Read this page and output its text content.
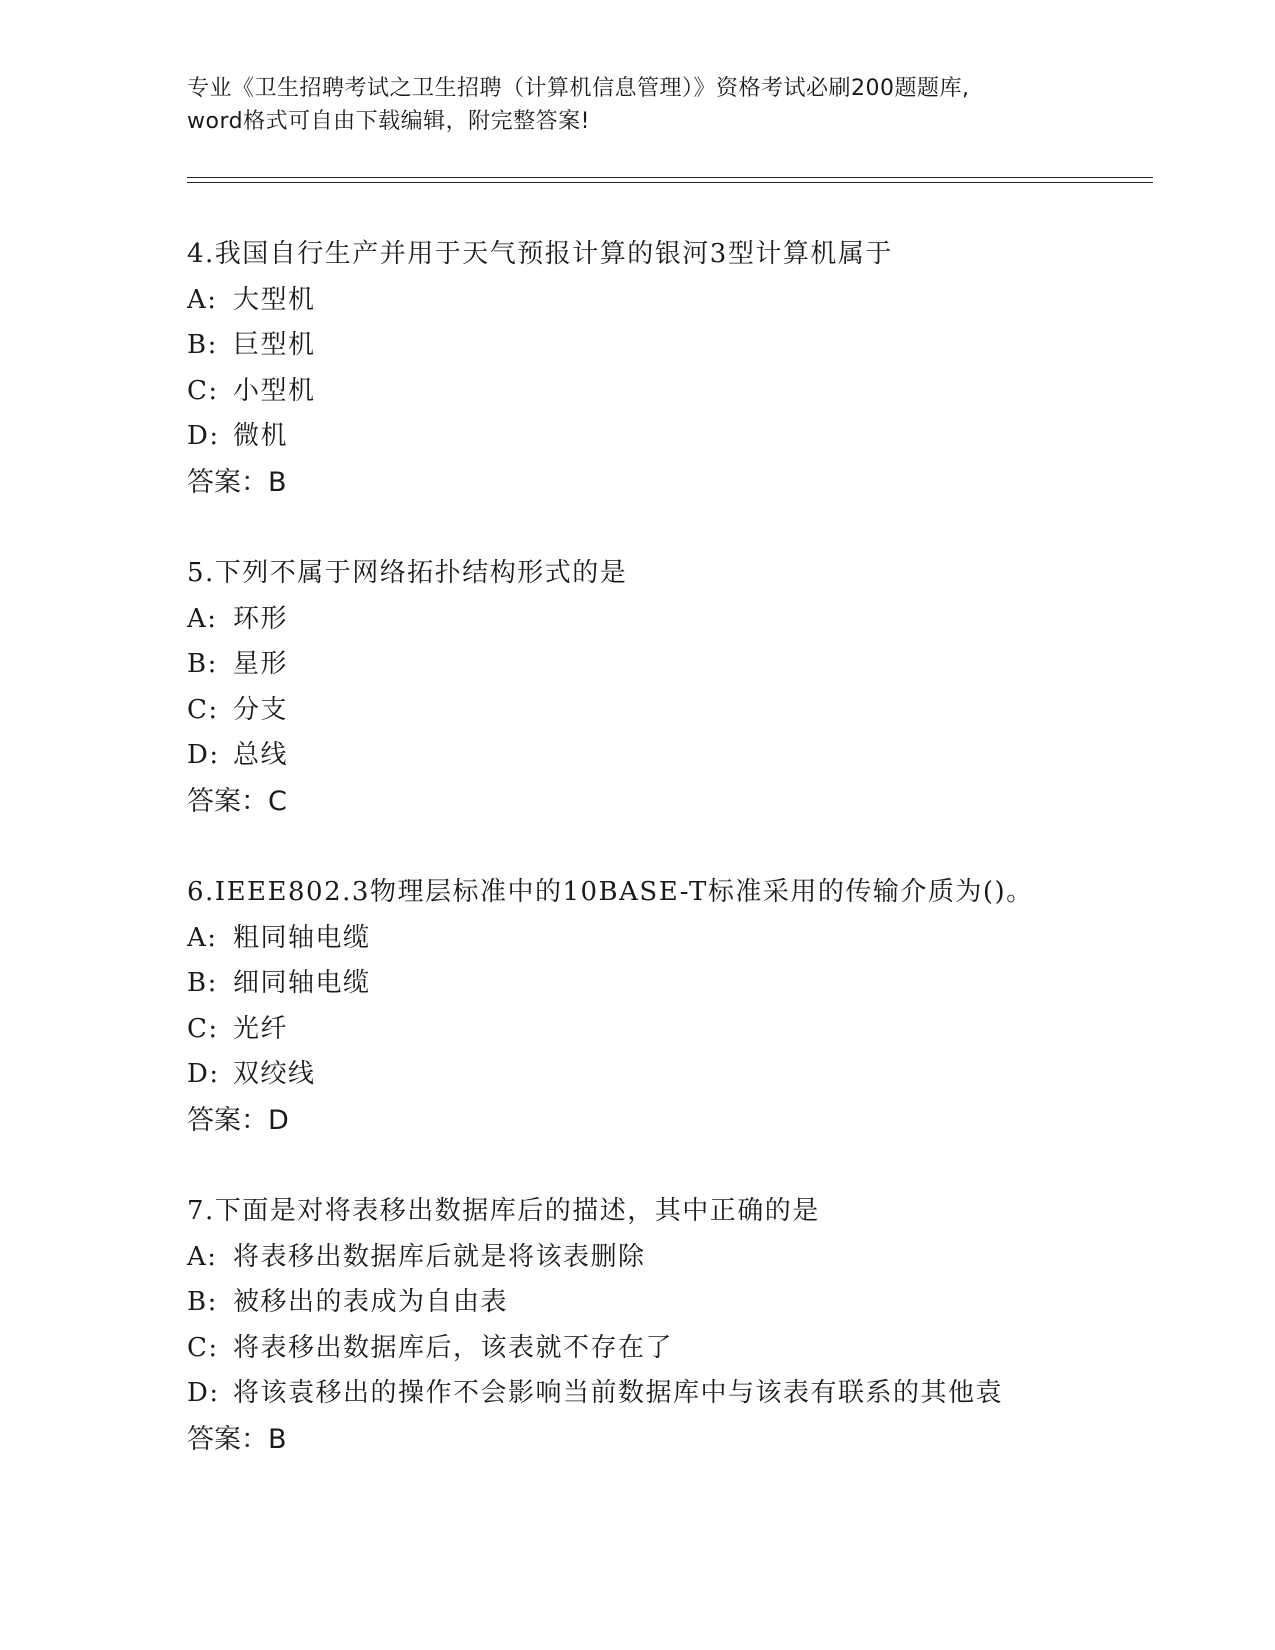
专业《卫生招聘考试之卫生招聘（计算机信息管理）》资格考试必刷200题题库,
word格式可自由下载编辑，附完整答案!
4.我国自行生产并用于天气预报计算的银河3型计算机属于
A: 大型机
B: 巨型机
C: 小型机
D: 微机
答案：B
5.下列不属于网络拓扑结构形式的是
A: 环形
B: 星形
C: 分支
D: 总线
答案：C
6.IEEE802.3物理层标准中的10BASE-T标准采用的传输介质为()。
A: 粗同轴电缆
B: 细同轴电缆
C: 光纤
D: 双绞线
答案：D
7.下面是对将表移出数据库后的描述，其中正确的是
A: 将表移出数据库后就是将该表删除
B: 被移出的表成为自由表
C: 将表移出数据库后，该表就不存在了
D: 将该袁移出的操作不会影响当前数据库中与该表有联系的其他袁
答案：B
